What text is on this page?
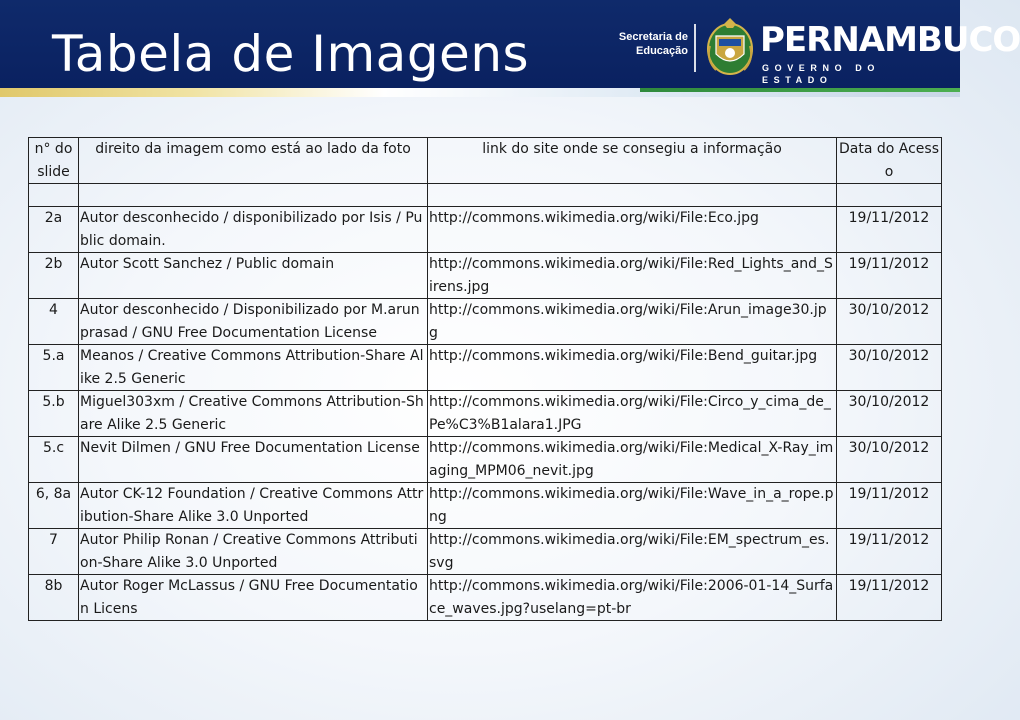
Tabela de Imagens	Secretaria de
Educação PERNAMBUCO
GOVERNO DO ESTADO
n° do slide	direito da imagem como está ao lado da foto	link do site onde se consegiu a informação	Data do Acesso

2a	Autor desconhecido / disponibilizado por Isis / Public domain.	http://commons.wikimedia.org/wiki/File:Eco.jpg	19/11/2012
2b	Autor Scott Sanchez / Public domain	http://commons.wikimedia.org/wiki/File:Red_Lights_and_Sirens.jpg	19/11/2012
4	Autor desconhecido / Disponibilizado por M.arunprasad / GNU Free Documentation License	http://commons.wikimedia.org/wiki/File:Arun_image30.jpg	30/10/2012
5.a	Meanos / Creative Commons Attribution-Share Alike 2.5 Generic	http://commons.wikimedia.org/wiki/File:Bend_guitar.jpg	30/10/2012
5.b	Miguel303xm / Creative Commons Attribution-Share Alike 2.5 Generic	http://commons.wikimedia.org/wiki/File:Circo_y_cima_de_Pe%C3%B1alara1.JPG	30/10/2012
5.c	Nevit Dilmen / GNU Free Documentation License	http://commons.wikimedia.org/wiki/File:Medical_X-Ray_imaging_MPM06_nevit.jpg	30/10/2012
6, 8a	Autor CK-12 Foundation / Creative Commons Attribution-Share Alike 3.0 Unported	http://commons.wikimedia.org/wiki/File:Wave_in_a_rope.png	19/11/2012
7	Autor Philip Ronan / Creative Commons Attribution-Share Alike 3.0 Unported	http://commons.wikimedia.org/wiki/File:EM_spectrum_es.svg	19/11/2012
8b	Autor Roger McLassus / GNU Free Documentation Licens	http://commons.wikimedia.org/wiki/File:2006-01-14_Surface_waves.jpg?uselang=pt-br	19/11/2012
